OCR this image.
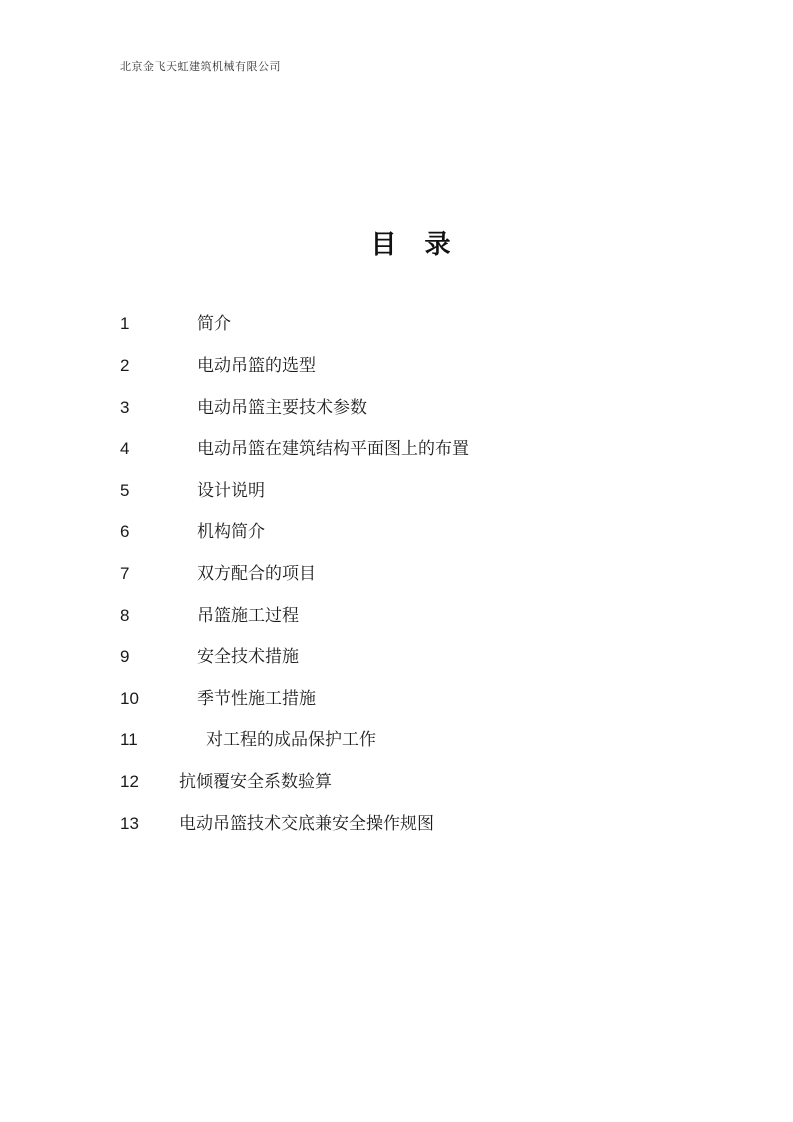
北京金飞天虹建筑机械有限公司
目录
1	简介
2	电动吊篮的选型
3	电动吊篮主要技术参数
4	电动吊篮在建筑结构平面图上的布置
5	设计说明
6	机构简介
7	双方配合的项目
8	吊篮施工过程
9	安全技术措施
10	季节性施工措施
11	对工程的成品保护工作
12 抗倾覆安全系数验算
13 电动吊篮技术交底兼安全操作规图
